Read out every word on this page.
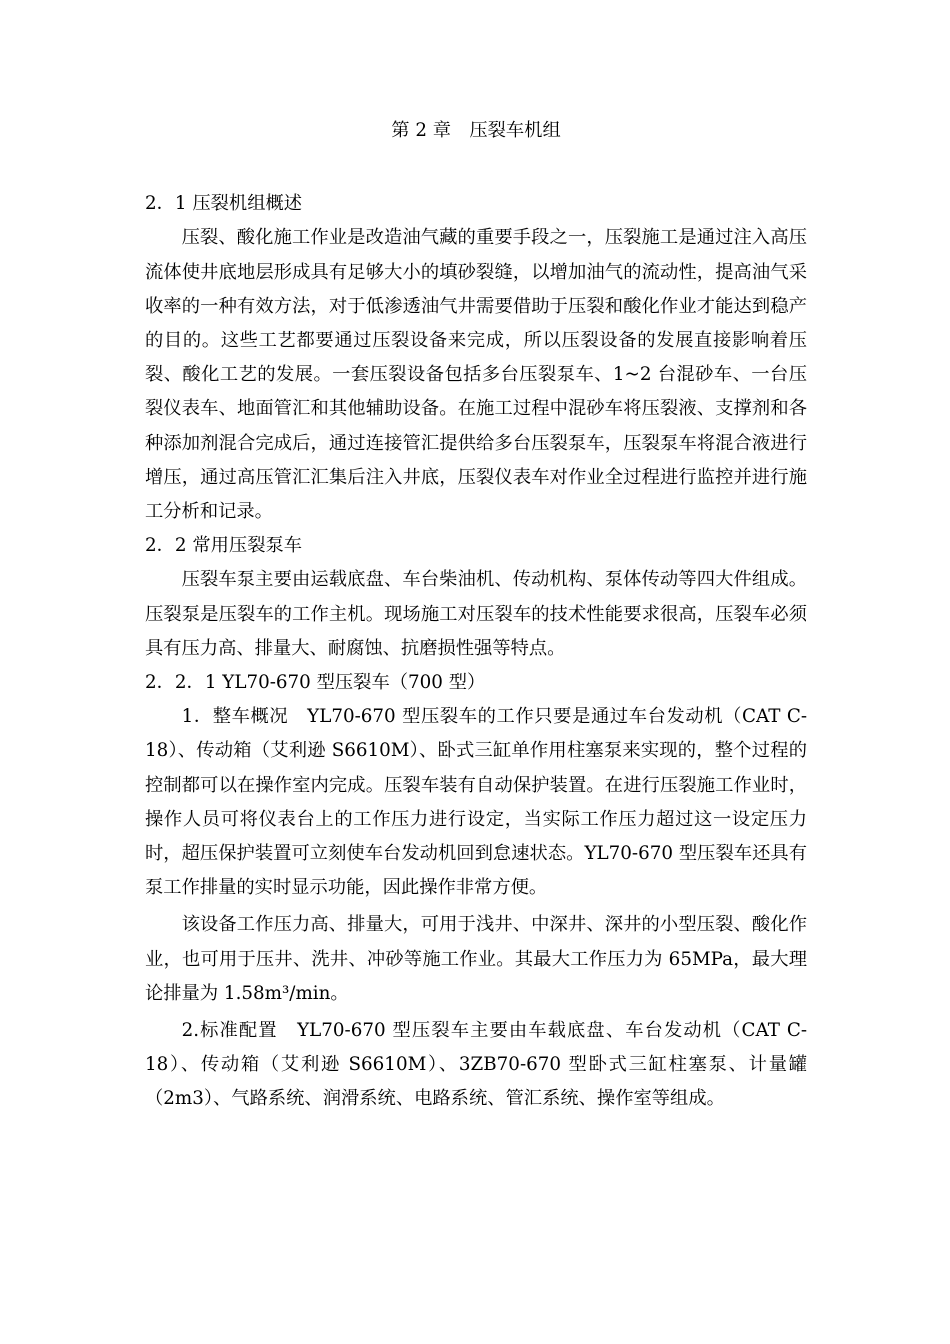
第 2 章　压裂车机组
2．1 压裂机组概述

压裂、酸化施工作业是改造油气藏的重要手段之一，压裂施工是通过注入高压流体使井底地层形成具有足够大小的填砂裂缝，以增加油气的流动性，提高油气采收率的一种有效方法，对于低渗透油气井需要借助于压裂和酸化作业才能达到稳产的目的。这些工艺都要通过压裂设备来完成，所以压裂设备的发展直接影响着压裂、酸化工艺的发展。一套压裂设备包括多台压裂泵车、1~2 台混砂车、一台压裂仪表车、地面管汇和其他辅助设备。在施工过程中混砂车将压裂液、支撑剂和各种添加剂混合完成后，通过连接管汇提供给多台压裂泵车，压裂泵车将混合液进行增压，通过高压管汇汇集后注入井底，压裂仪表车对作业全过程进行监控并进行施工分析和记录。

2．2 常用压裂泵车

压裂车泵主要由运载底盘、车台柴油机、传动机构、泵体传动等四大件组成。压裂泵是压裂车的工作主机。现场施工对压裂车的技术性能要求很高，压裂车必须具有压力高、排量大、耐腐蚀、抗磨损性强等特点。

2．2．1 YL70-670 型压裂车（700 型）

1．整车概况　YL70-670 型压裂车的工作只要是通过车台发动机（CAT C-18）、传动箱（艾利逊 S6610M）、卧式三缸单作用柱塞泵来实现的，整个过程的控制都可以在操作室内完成。压裂车装有自动保护装置。在进行压裂施工作业时，操作人员可将仪表台上的工作压力进行设定，当实际工作压力超过这一设定压力时，超压保护装置可立刻使车台发动机回到怠速状态。YL70-670 型压裂车还具有泵工作排量的实时显示功能，因此操作非常方便。

该设备工作压力高、排量大，可用于浅井、中深井、深井的小型压裂、酸化作业，也可用于压井、洗井、冲砂等施工作业。其最大工作压力为 65MPa，最大理论排量为 1.58m³/min。

2.标准配置　YL70-670 型压裂车主要由车载底盘、车台发动机（CAT C-18）、传动箱（艾利逊 S6610M）、3ZB70-670 型卧式三缸柱塞泵、计量罐（2m3）、气路系统、润滑系统、电路系统、管汇系统、操作室等组成。
